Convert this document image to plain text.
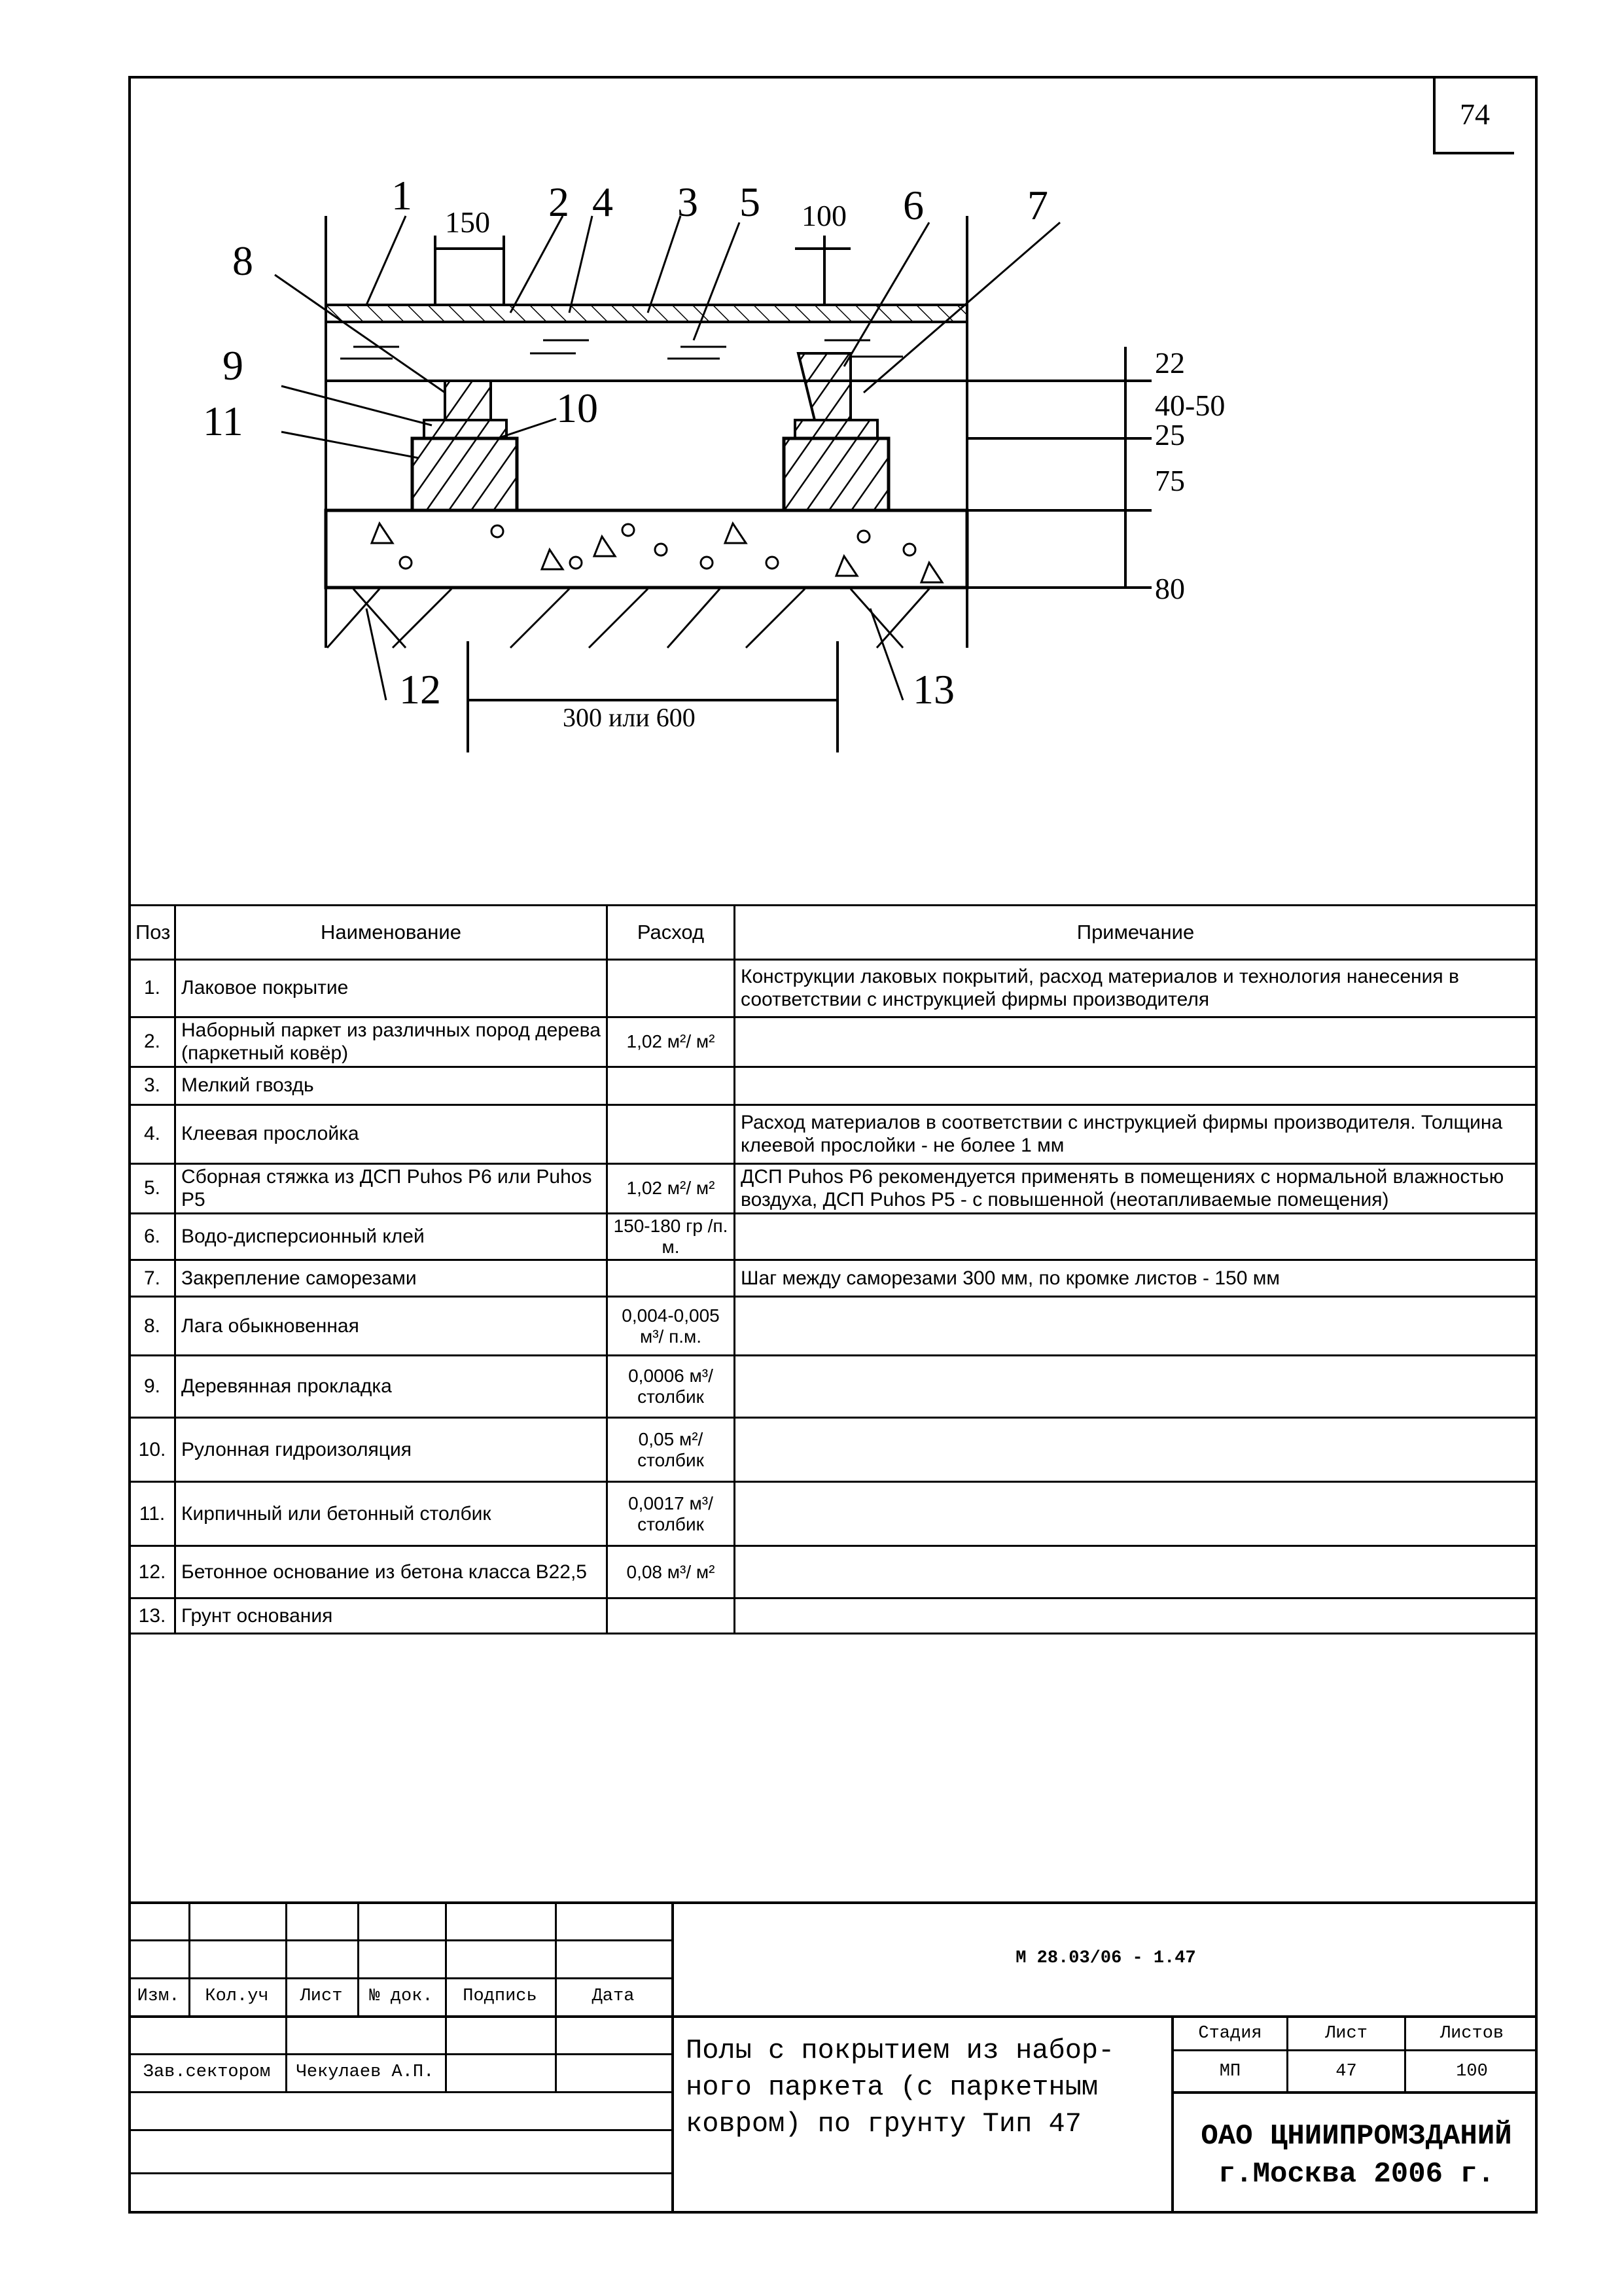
74
1	2 4 3 5	6 7
8
9
11	10
12	13
150	100
22
40-50
25
75
80
300 или 600
Поз	Наименование	Расход	Примечание
1.	Лаковое покрытие		Конструкции лаковых покрытий, расход материалов и технология нанесения в соответствии с инструкцией фирмы производителя
2.	Наборный паркет из различных пород дерева (паркетный ковёр)	1,02 м²/ м²	
3.	Мелкий гвоздь		
4.	Клеевая прослойка		Расход материалов в соответствии с инструкцией фирмы производителя. Толщина клеевой прослойки - не более 1 мм
5.	Сборная стяжка из ДСП Puhos P6 или Puhos P5	1,02 м²/ м²	ДСП Puhos P6 рекомендуется применять в помещениях с нормальной влажностью воздуха, ДСП Puhos P5 - с повышенной (неотапливаемые помещения)
6.	Водо-дисперсионный клей	150-180 гр /п. м.	
7.	Закрепление саморезами		Шаг между саморезами 300 мм, по кромке листов - 150 мм
8.	Лага обыкновенная	0,004-0,005 м³/ п.м.	
9.	Деревянная прокладка	0,0006 м³/ столбик	
10.	Рулонная гидроизоляция	0,05 м²/ столбик	
11.	Кирпичный или бетонный столбик	0,0017 м³/ столбик	
12.	Бетонное основание из бетона класса В22,5	0,08 м³/ м²	
13.	Грунт основания		
Изм.	Кол.уч	Лист	№ док.	Подпись	Дата
Зав.сектором	Чекулаев А.П.
М 28.03/06 - 1.47
Полы с покрытием из набор-
ного паркета (с паркетным
ковром) по грунту Тип 47
Стадия	Лист	Листов
МП	47	100
ОАО ЦНИИПРОМЗДАНИЙ
г.Москва 2006 г.
